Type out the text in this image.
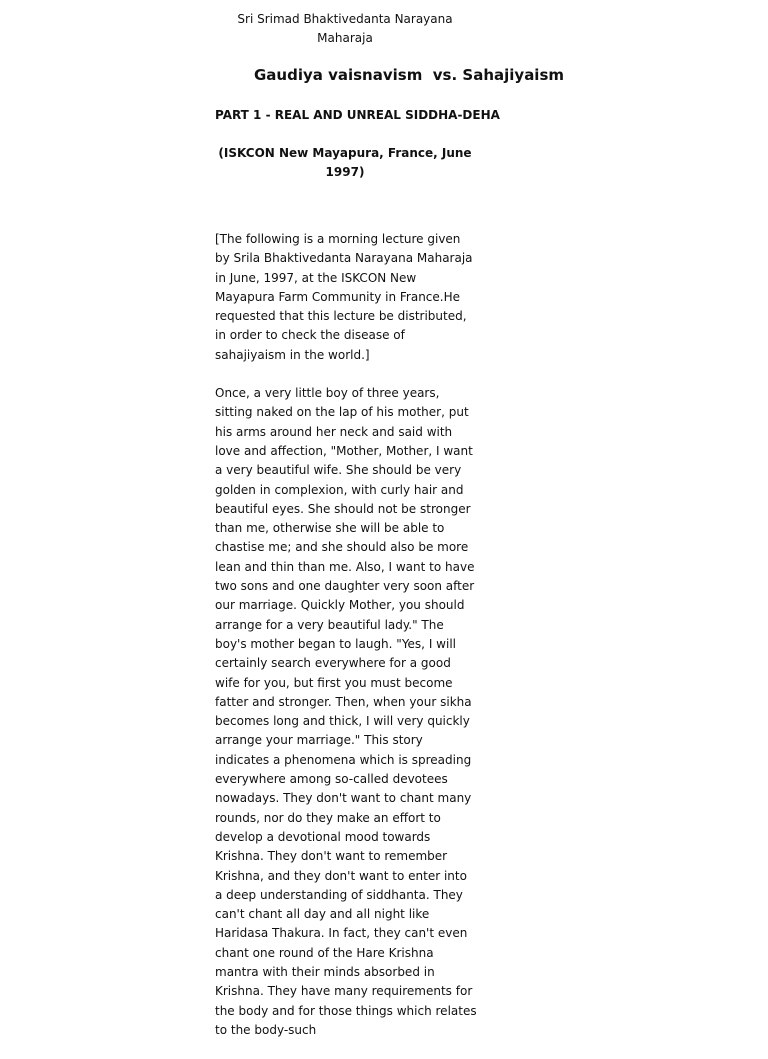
Sri Srimad Bhaktivedanta Narayana Maharaja
Gaudiya vaisnavism  vs. Sahajiyaism
PART 1 - REAL AND UNREAL SIDDHA-DEHA
(ISKCON New Mayapura, France, June 1997)

[The following is a morning lecture given by Srila Bhaktivedanta Narayana Maharaja in June, 1997, at the ISKCON New Mayapura Farm Community in France.He requested that this lecture be distributed, in order to check the disease of sahajiyaism in the world.]

Once, a very little boy of three years, sitting naked on the lap of his mother, put his arms around her neck and said with love and affection, "Mother, Mother, I want a very beautiful wife. She should be very golden in complexion, with curly hair and beautiful eyes. She should not be stronger than me, otherwise she will be able to chastise me; and she should also be more lean and thin than me. Also, I want to have two sons and one daughter very soon after our marriage. Quickly Mother, you should arrange for a very beautiful lady." The boy's mother began to laugh. "Yes, I will certainly search everywhere for a good wife for you, but first you must become fatter and stronger. Then, when your sikha becomes long and thick, I will very quickly arrange your marriage." This story indicates a phenomena which is spreading everywhere among so-called devotees nowadays. They don't want to chant many rounds, nor do they make an effort to develop a devotional mood towards Krishna. They don't want to remember Krishna, and they don't want to enter into a deep understanding of siddhanta. They can't chant all day and all night like Haridasa Thakura. In fact, they can't even chant one round of the Hare Krishna mantra with their minds absorbed in Krishna. They have many requirements for the body and for those things which relates to the body-such
